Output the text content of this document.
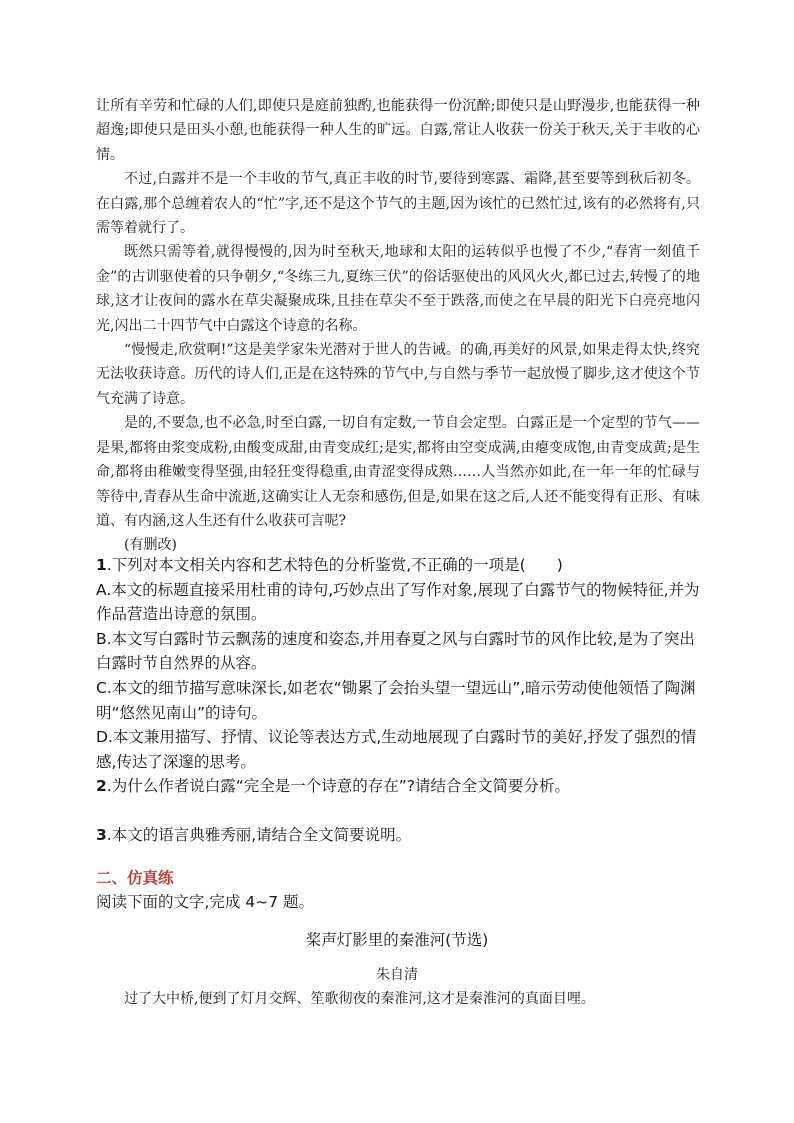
让所有辛劳和忙碌的人们,即使只是庭前独酌,也能获得一份沉醉;即使只是山野漫步,也能获得一种超逸;即使只是田头小憩,也能获得一种人生的旷远。白露,常让人收获一份关于秋天,关于丰收的心情。

不过,白露并不是一个丰收的节气,真正丰收的时节,要待到寒露、霜降,甚至要等到秋后初冬。在白露,那个总缠着农人的“忙”字,还不是这个节气的主题,因为该忙的已然忙过,该有的必然将有,只需等着就行了。

既然只需等着,就得慢慢的,因为时至秋天,地球和太阳的运转似乎也慢了不少,“春宵一刻值千金”的古训驱使着的只争朝夕,“冬练三九,夏练三伏”的俗话驱使出的风风火火,都已过去,转慢了的地球,这才让夜间的露水在草尖凝聚成珠,且挂在草尖不至于跌落,而使之在早晨的阳光下白亮亮地闪光,闪出二十四节气中白露这个诗意的名称。

“慢慢走,欣赏啊!”这是美学家朱光潜对于世人的告诫。的确,再美好的风景,如果走得太快,终究无法收获诗意。历代的诗人们,正是在这特殊的节气中,与自然与季节一起放慢了脚步,这才使这个节气充满了诗意。

是的,不要急,也不必急,时至白露,一切自有定数,一节自会定型。白露正是一个定型的节气——是果,都将由浆变成粉,由酸变成甜,由青变成红;是实,都将由空变成满,由瘪变成饱,由青变成黄;是生命,都将由稚嫩变得坚强,由轻狂变得稳重,由青涩变得成熟……人当然亦如此,在一年一年的忙碌与等待中,青春从生命中流逝,这确实让人无奈和感伤,但是,如果在这之后,人还不能变得有正形、有味道、有内涵,这人生还有什么收获可言呢?

(有删改)

1.下列对本文相关内容和艺术特色的分析鉴赏,不正确的一项是(　　)

A.本文的标题直接采用杜甫的诗句,巧妙点出了写作对象,展现了白露节气的物候特征,并为作品营造出诗意的氛围。

B.本文写白露时节云飘荡的速度和姿态,并用春夏之风与白露时节的风作比较,是为了突出白露时节自然界的从容。

C.本文的细节描写意味深长,如老农“锄累了会抬头望一望远山”,暗示劳动使他领悟了陶渊明“悠然见南山”的诗句。

D.本文兼用描写、抒情、议论等表达方式,生动地展现了白露时节的美好,抒发了强烈的情感,传达了深邃的思考。

2.为什么作者说白露“完全是一个诗意的存在”?请结合全文简要分析。

3.本文的语言典雅秀丽,请结合全文简要说明。

二、仿真练
阅读下面的文字,完成 4~7 题。
桨声灯影里的秦淮河(节选)
朱自清
过了大中桥,便到了灯月交辉、笙歌彻夜的秦淮河,这才是秦淮河的真面目哩。
